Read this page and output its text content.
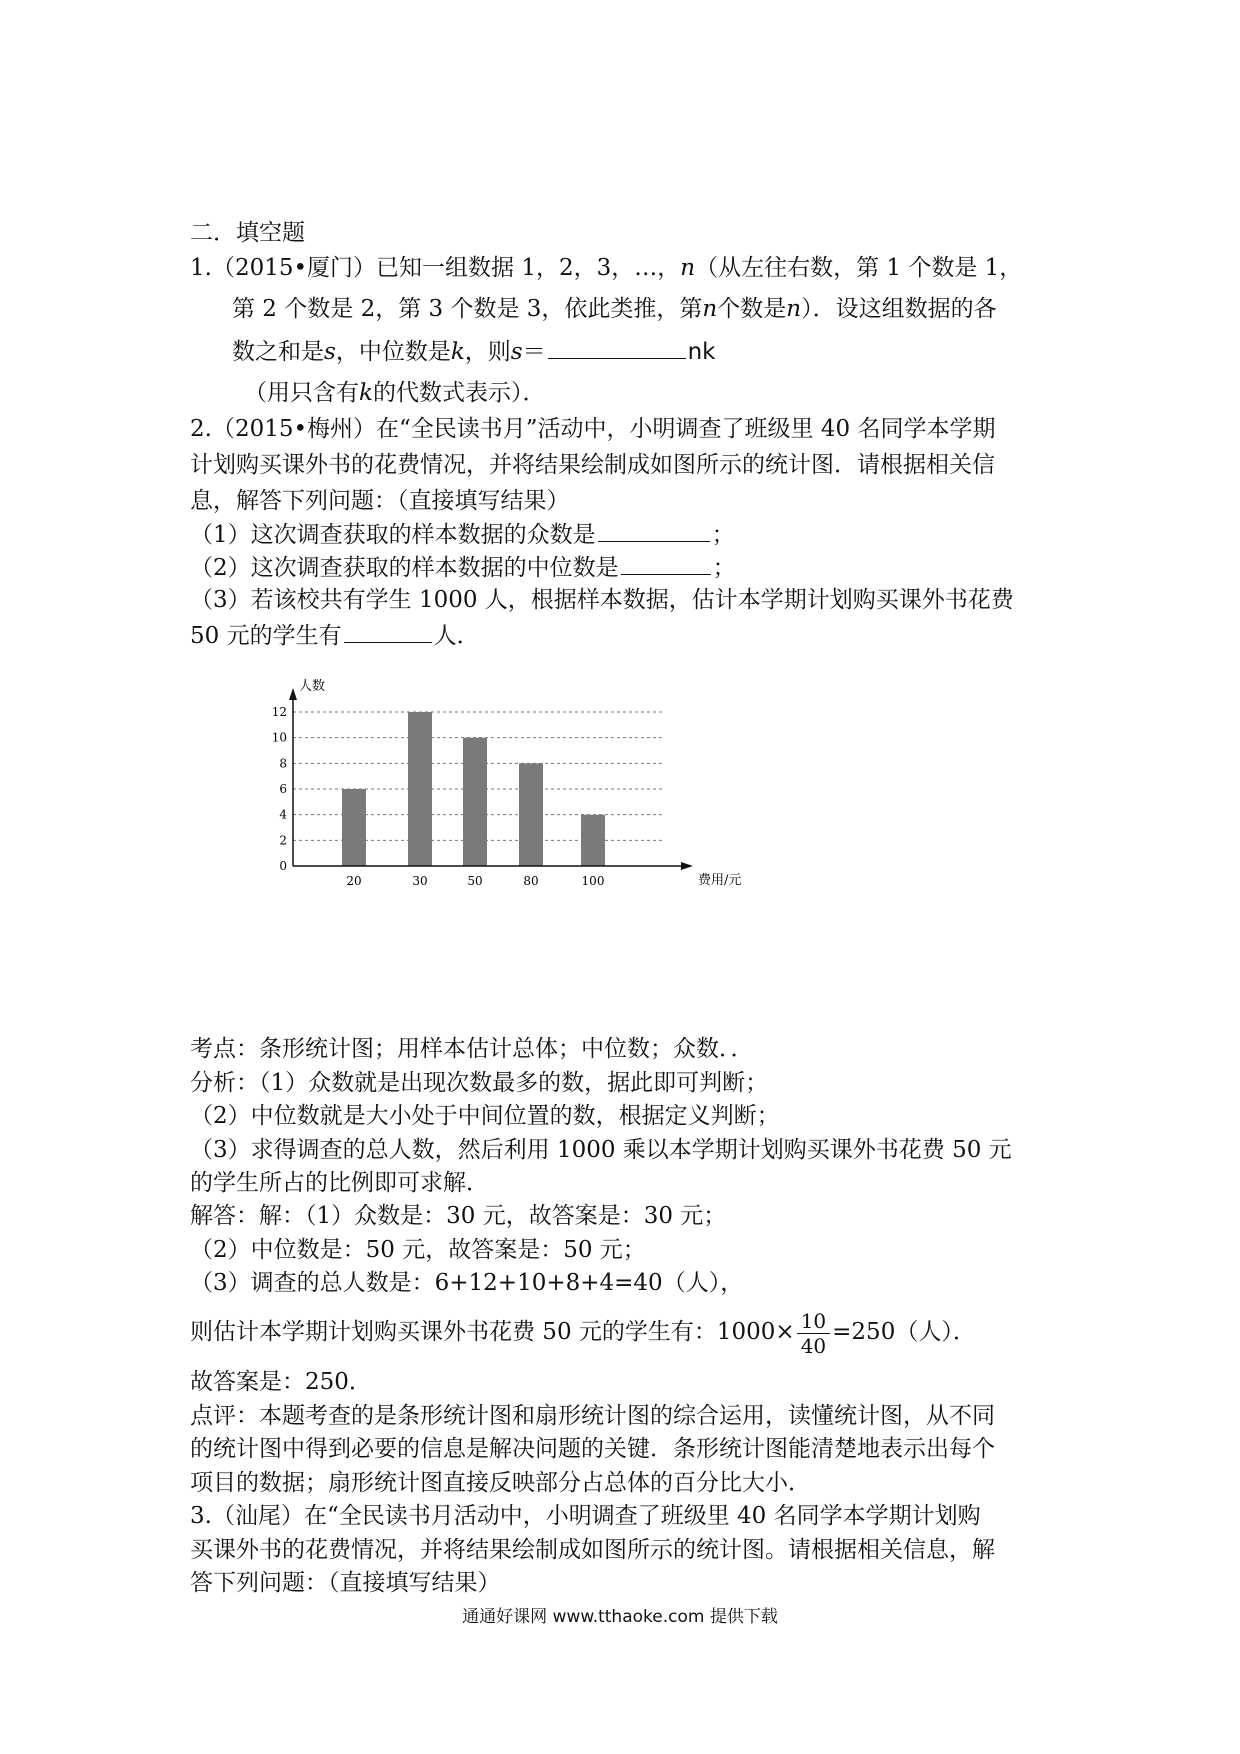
二．填空题
1.（2015•厦门）已知一组数据 1，2，3，…，n（从左往右数，第 1 个数是 1，
第 2 个数是 2，第 3 个数是 3，依此类推，第n个数是n）．设这组数据的各
数之和是s，中位数是k，则s＝	nk
（用只含有k的代数式表示）．
2.（2015•梅州）在“全民读书月”活动中，小明调查了班级里 40 名同学本学期
计划购买课外书的花费情况，并将结果绘制成如图所示的统计图．请根据相关信
息，解答下列问题：（直接填写结果）
（1）这次调查获取的样本数据的众数是	；
（2）这次调查获取的样本数据的中位数是	；
（3）若该校共有学生 1000 人，根据样本数据，估计本学期计划购买课外书花费
50 元的学生有	人．
人数
费用/元
0
2
4
6
8
10
12
20	30	50	80	100
考点：条形统计图；用样本估计总体；中位数；众数．．
分析：（1）众数就是出现次数最多的数，据此即可判断；
（2）中位数就是大小处于中间位置的数，根据定义判断；
（3）求得调查的总人数，然后利用 1000 乘以本学期计划购买课外书花费 50 元
的学生所占的比例即可求解．
解答：解：（1）众数是：30 元，故答案是：30 元；
（2）中位数是：50 元，故答案是：50 元；
（3）调查的总人数是：6+12+10+8+4=40（人），
则估计本学期计划购买课外书花费 50 元的学生有：$1000\times \frac{10}{40} =250$（人）．
故答案是：250．
点评：本题考查的是条形统计图和扇形统计图的综合运用，读懂统计图，从不同
的统计图中得到必要的信息是解决问题的关键．条形统计图能清楚地表示出每个
项目的数据；扇形统计图直接反映部分占总体的百分比大小．
3.（汕尾）在“全民读书月活动中，小明调查了班级里 40 名同学本学期计划购
买课外书的花费情况，并将结果绘制成如图所示的统计图。请根据相关信息，解
答下列问题：（直接填写结果）
通通好课网 www.tthaoke.com 提供下载
